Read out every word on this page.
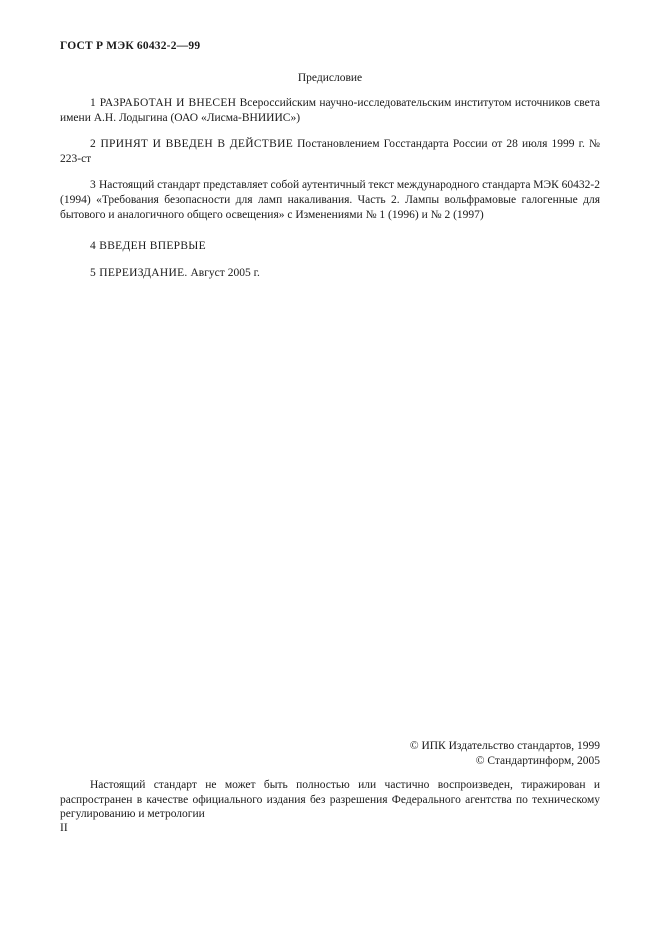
ГОСТ Р МЭК 60432-2—99
Предисловие
1 РАЗРАБОТАН И ВНЕСЕН Всероссийским научно-исследовательским институтом источников света имени А.Н. Лодыгина (ОАО «Лисма-ВНИИИС»)
2 ПРИНЯТ И ВВЕДЕН В ДЕЙСТВИЕ Постановлением Госстандарта России от 28 июля 1999 г. № 223-ст
3 Настоящий стандарт представляет собой аутентичный текст международного стандарта МЭК 60432-2 (1994) «Требования безопасности для ламп накаливания. Часть 2. Лампы вольфрамовые галогенные для бытового и аналогичного общего освещения» с Изменениями № 1 (1996) и № 2 (1997)
4 ВВЕДЕН ВПЕРВЫЕ
5 ПЕРЕИЗДАНИЕ. Август 2005 г.
© ИПК Издательство стандартов, 1999
© Стандартинформ, 2005
Настоящий стандарт не может быть полностью или частично воспроизведен, тиражирован и распространен в качестве официального издания без разрешения Федерального агентства по техническому регулированию и метрологии
II
